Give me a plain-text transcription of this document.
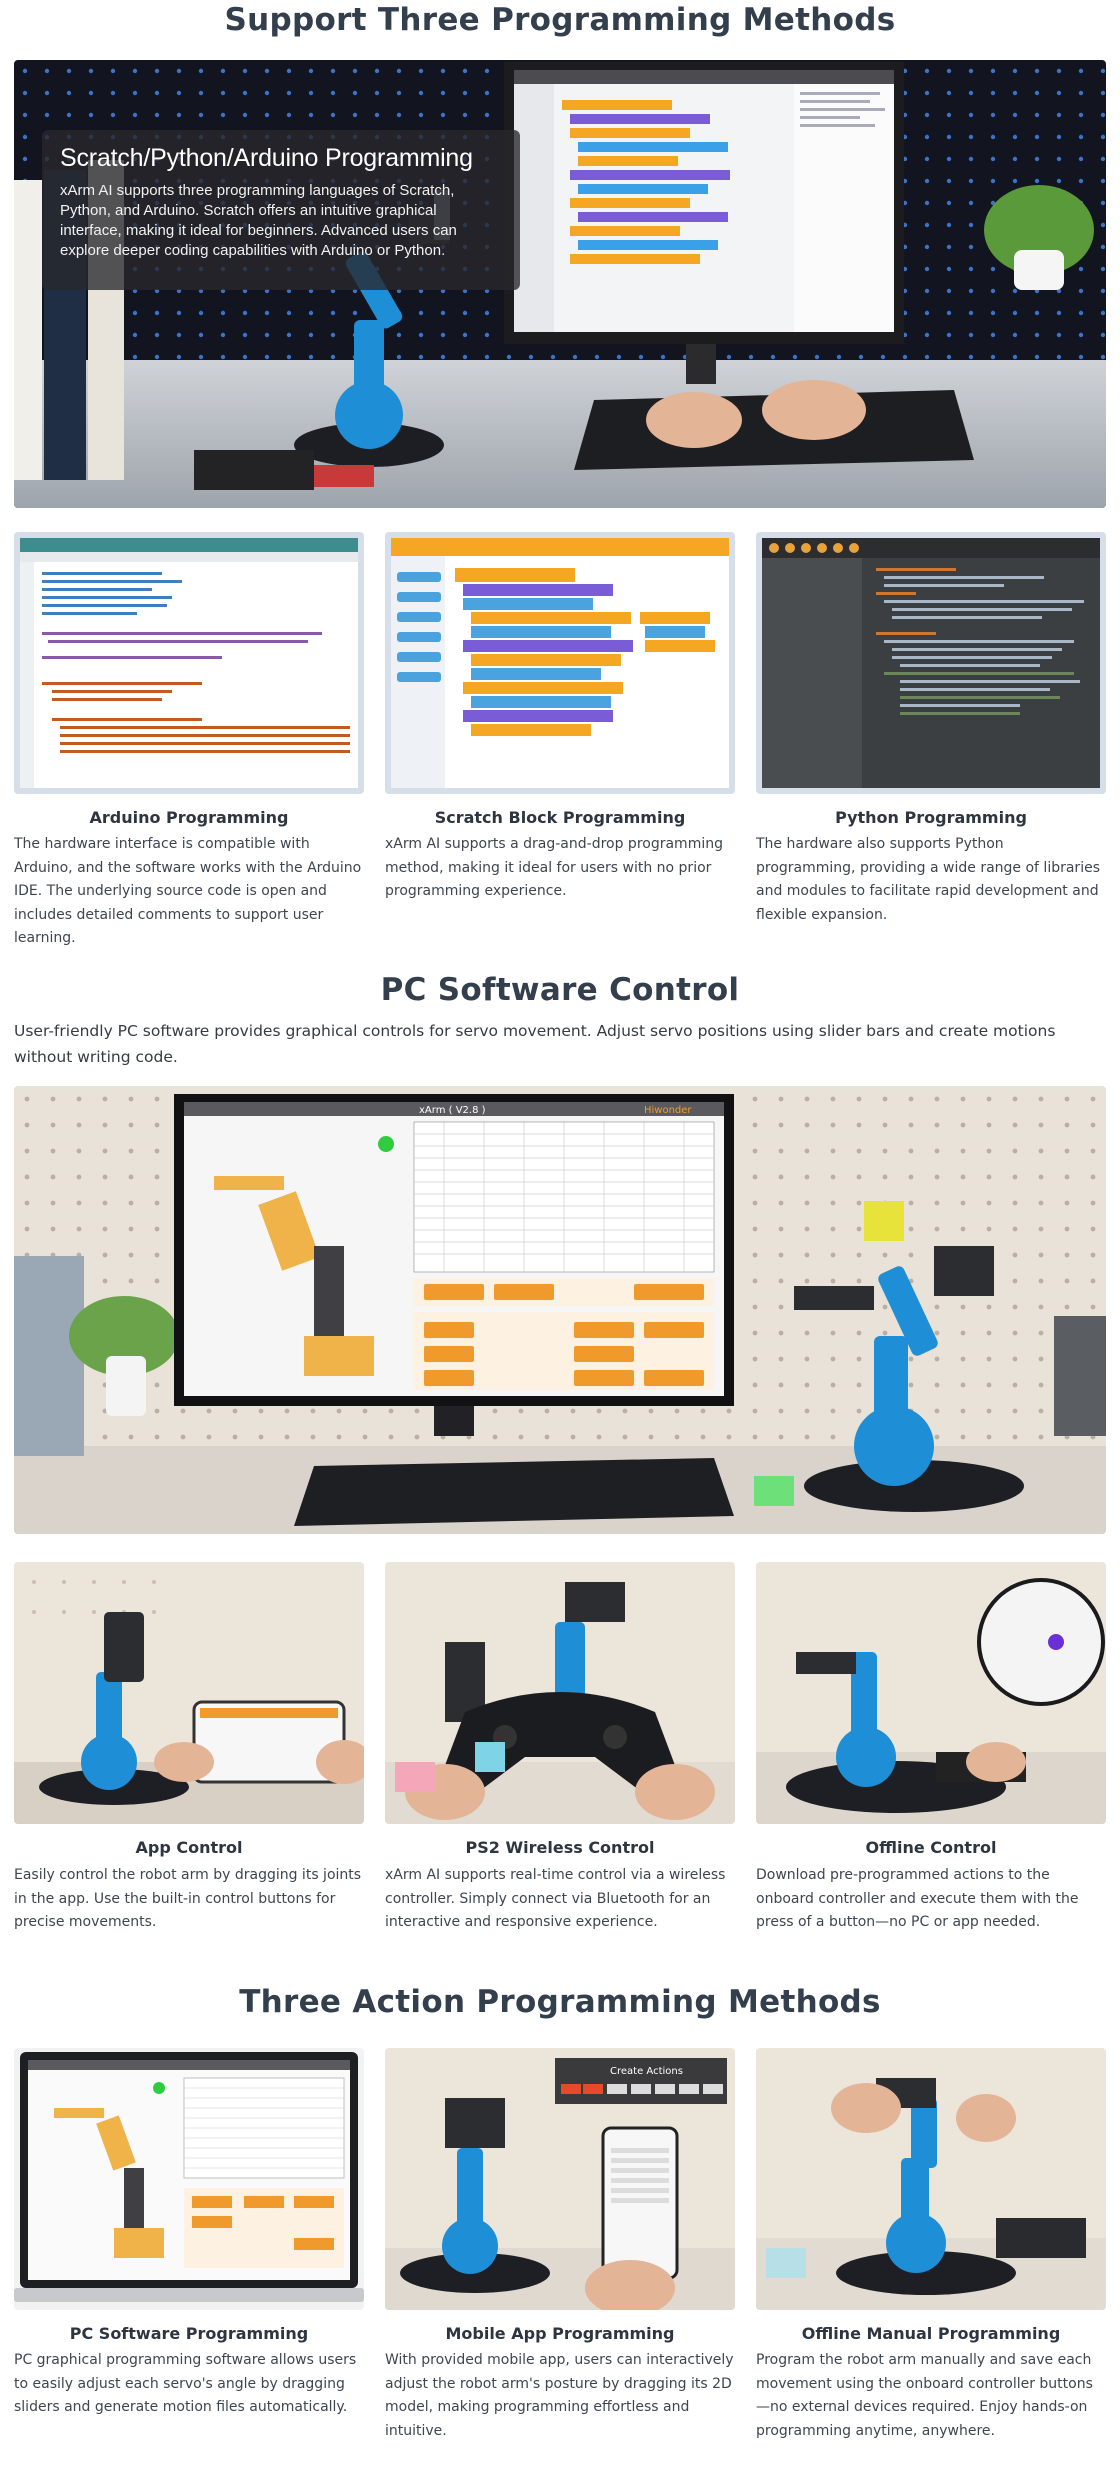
Support Three Programming Methods
Scratch/Python/Arduino Programming

xArm AI supports three programming languages of Scratch, Python, and Arduino. Scratch offers an intuitive graphical interface, making it ideal for beginners. Advanced users can explore deeper coding capabilities with Arduino or Python.

Arduino Programming
The hardware interface is compatible with Arduino, and the software works with the Arduino IDE. The underlying source code is open and includes detailed comments to support user learning.
Scratch Block Programming
xArm AI supports a drag-and-drop programming method, making it ideal for users with no prior programming experience.
Python Programming
The hardware also supports Python programming, providing a wide range of libraries and modules to facilitate rapid development and flexible expansion.
PC Software Control

User-friendly PC software provides graphical controls for servo movement. Adjust servo positions using slider bars and create motions without writing code.

xArm ( V2.8 )	Hiwonder
App Control
Easily control the robot arm by dragging its joints in the app. Use the built-in control buttons for precise movements.
PS2 Wireless Control
xArm AI supports real-time control via a wireless controller. Simply connect via Bluetooth for an interactive and responsive experience.
Offline Control
Download pre-programmed actions to the onboard controller and execute them with the press of a button—no PC or app needed.
Three Action Programming Methods
Create Actions
PC Software Programming
PC graphical programming software allows users to easily adjust each servo's angle by dragging sliders and generate motion files automatically.
Mobile App Programming
With provided mobile app, users can interactively adjust the robot arm's posture by dragging its 2D model, making programming effortless and intuitive.
Offline Manual Programming
Program the robot arm manually and save each movement using the onboard controller buttons—no external devices required. Enjoy hands-on programming anytime, anywhere.
